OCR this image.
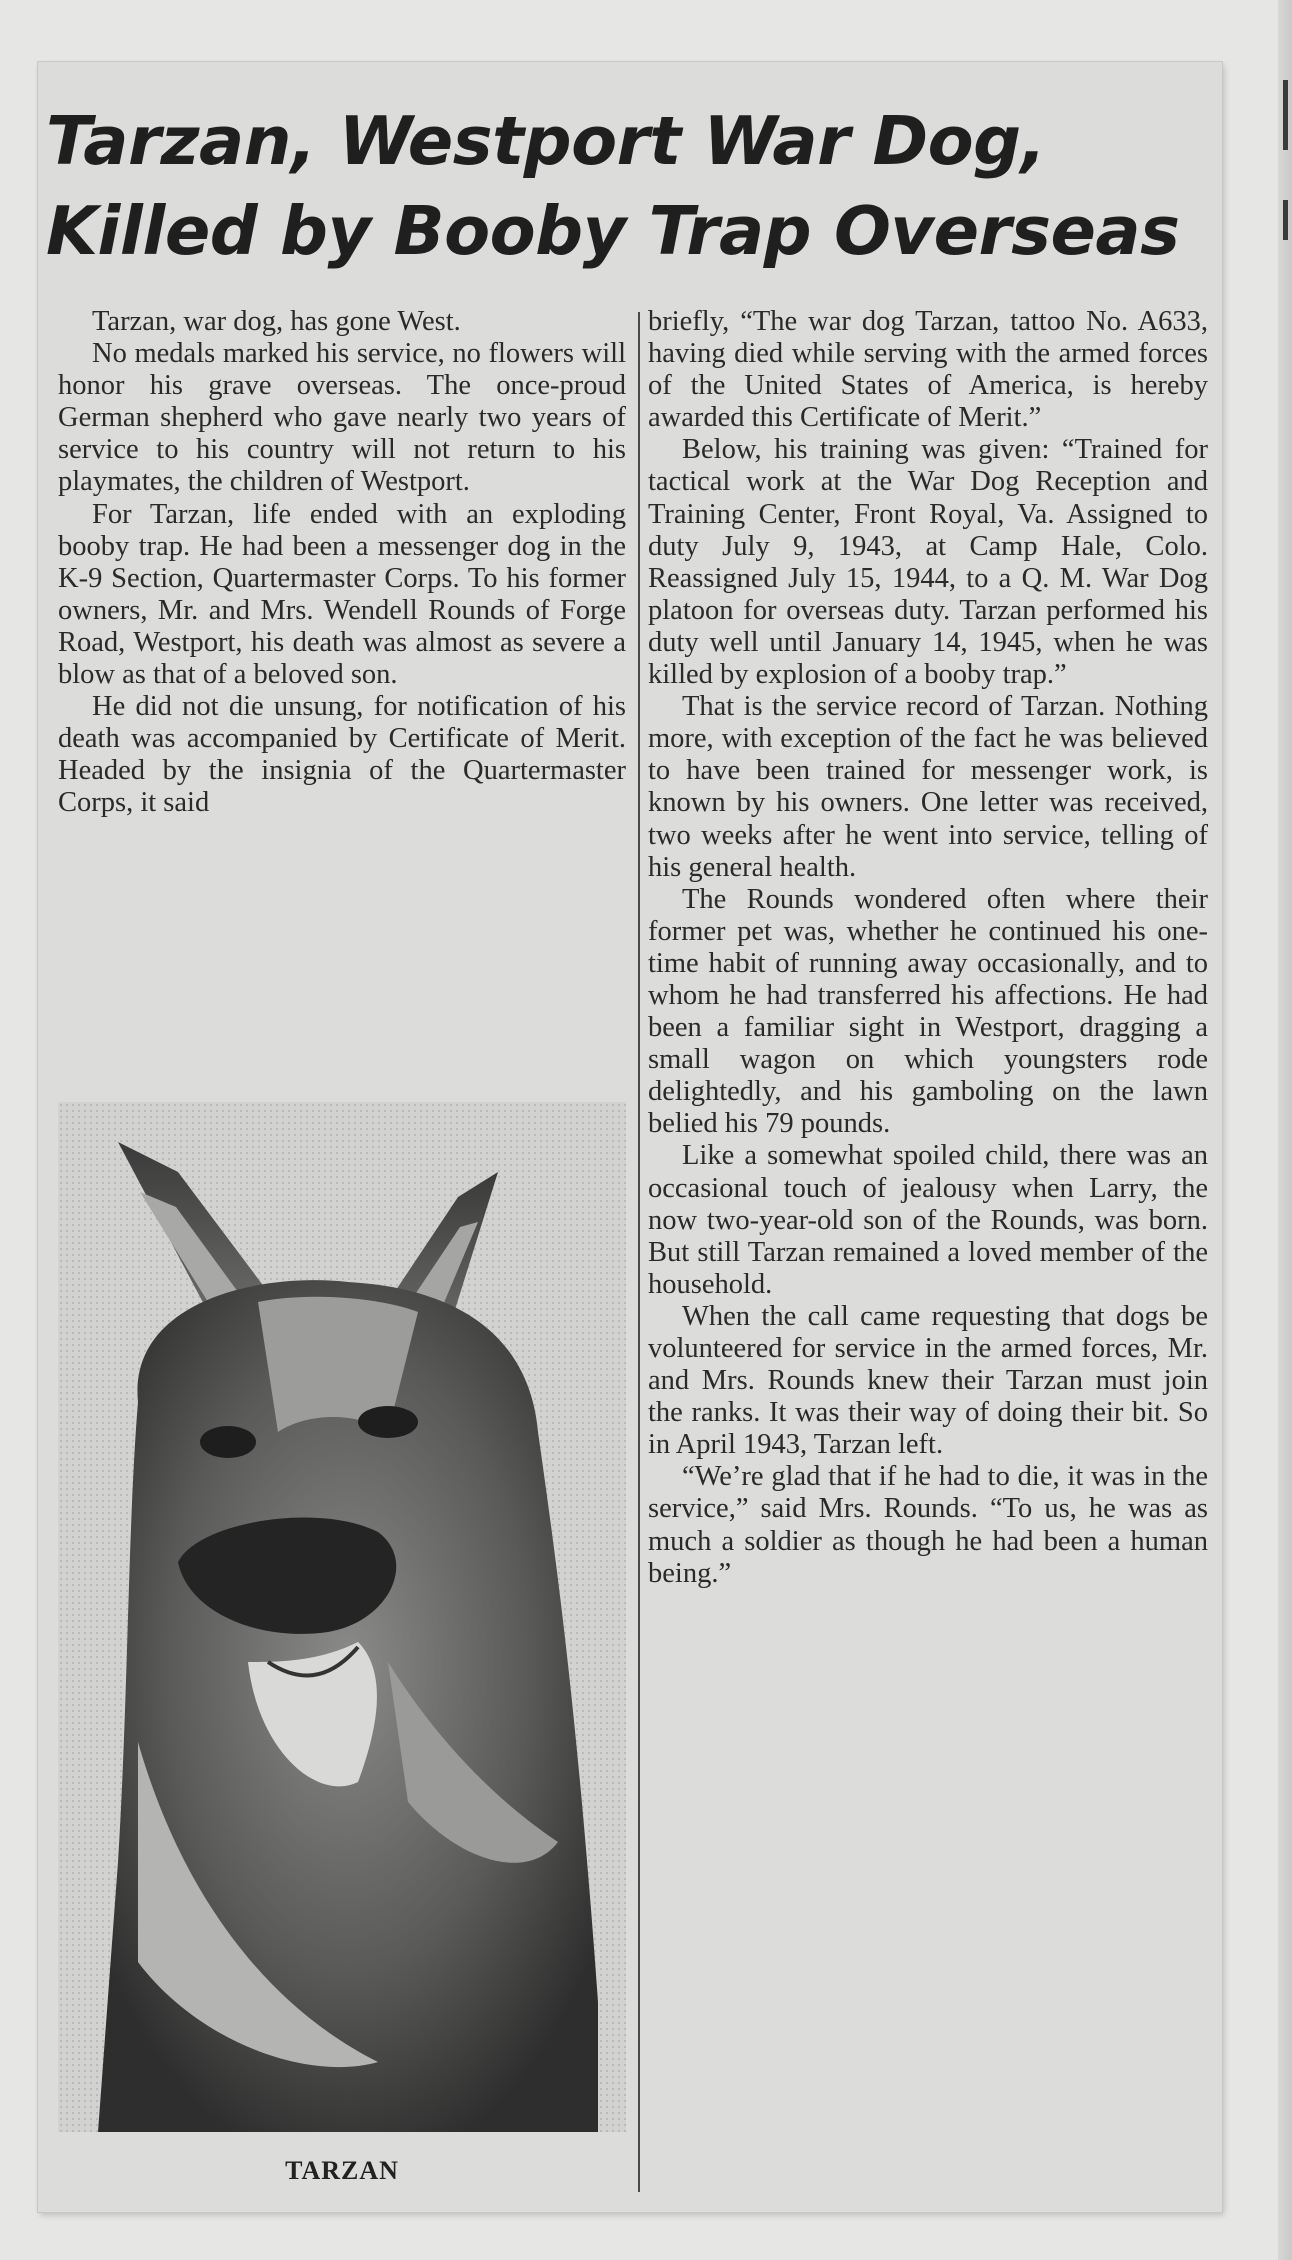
Tarzan, Westport War Dog,
Killed by Booby Trap Overseas

Tarzan, war dog, has gone West.

No medals marked his service, no flowers will honor his grave overseas. The once-proud German shepherd who gave nearly two years of service to his country will not return to his playmates, the children of Westport.

For Tarzan, life ended with an exploding booby trap. He had been a messenger dog in the K-9 Section, Quartermaster Corps. To his former owners, Mr. and Mrs. Wendell Rounds of Forge Road, Westport, his death was almost as severe a blow as that of a beloved son.

He did not die unsung, for notification of his death was accompanied by Certificate of Merit. Headed by the insignia of the Quartermaster Corps, it said

briefly, “The war dog Tarzan, tattoo No. A633, having died while serving with the armed forces of the United States of America, is hereby awarded this Certificate of Merit.”

Below, his training was given: “Trained for tactical work at the War Dog Reception and Training Center, Front Royal, Va. Assigned to duty July 9, 1943, at Camp Hale, Colo. Reassigned July 15, 1944, to a Q. M. War Dog platoon for overseas duty. Tarzan performed his duty well until January 14, 1945, when he was killed by explosion of a booby trap.”

That is the service record of Tarzan. Nothing more, with exception of the fact he was believed to have been trained for messenger work, is known by his owners. One letter was received, two weeks after he went into service, telling of his general health.

The Rounds wondered often where their former pet was, whether he continued his one-time habit of running away occasionally, and to whom he had transferred his affections. He had been a familiar sight in Westport, dragging a small wagon on which youngsters rode delightedly, and his gamboling on the lawn belied his 79 pounds.

Like a somewhat spoiled child, there was an occasional touch of jealousy when Larry, the now two-year-old son of the Rounds, was born. But still Tarzan remained a loved member of the household.

When the call came requesting that dogs be volunteered for service in the armed forces, Mr. and Mrs. Rounds knew their Tarzan must join the ranks. It was their way of doing their bit. So in April 1943, Tarzan left.

“We’re glad that if he had to die, it was in the service,” said Mrs. Rounds. “To us, he was as much a soldier as though he had been a human being.”

TARZAN
